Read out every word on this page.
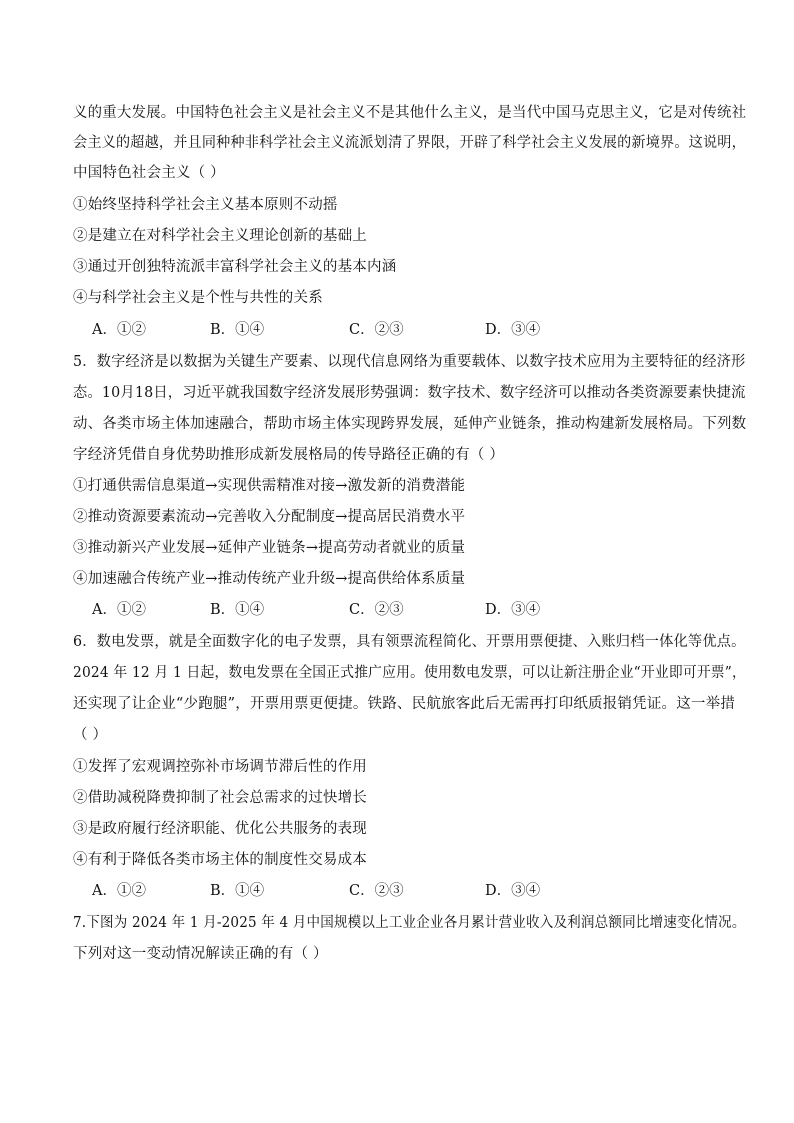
义的重大发展。中国特色社会主义是社会主义不是其他什么主义，是当代中国马克思主义，它是对传统社
会主义的超越，并且同种种非科学社会主义流派划清了界限，开辟了科学社会主义发展的新境界。这说明，
中国特色社会主义（ ）
①始终坚持科学社会主义基本原则不动摇
②是建立在对科学社会主义理论创新的基础上
③通过开创独特流派丰富科学社会主义的基本内涵
④与科学社会主义是个性与共性的关系
A．①②	B．①④	C．②③	D．③④
5．数字经济是以数据为关键生产要素、以现代信息网络为重要载体、以数字技术应用为主要特征的经济形
态。10月18日，习近平就我国数字经济发展形势强调：数字技术、数字经济可以推动各类资源要素快捷流
动、各类市场主体加速融合，帮助市场主体实现跨界发展，延伸产业链条，推动构建新发展格局。下列数
字经济凭借自身优势助推形成新发展格局的传导路径正确的有（ ）
①打通供需信息渠道→实现供需精准对接→激发新的消费潜能
②推动资源要素流动→完善收入分配制度→提高居民消费水平
③推动新兴产业发展→延伸产业链条→提高劳动者就业的质量
④加速融合传统产业→推动传统产业升级→提高供给体系质量
A．①②	B．①④	C．②③	D．③④
6．数电发票，就是全面数字化的电子发票，具有领票流程简化、开票用票便捷、入账归档一体化等优点。
2024 年 12 月 1 日起，数电发票在全国正式推广应用。使用数电发票，可以让新注册企业“开业即可开票”，
还实现了让企业“少跑腿”，开票用票更便捷。铁路、民航旅客此后无需再打印纸质报销凭证。这一举措
（ ）
①发挥了宏观调控弥补市场调节滞后性的作用
②借助减税降费抑制了社会总需求的过快增长
③是政府履行经济职能、优化公共服务的表现
④有利于降低各类市场主体的制度性交易成本
A．①②	B．①④	C．②③	D．③④
7.下图为 2024 年 1 月-2025 年 4 月中国规模以上工业企业各月累计营业收入及利润总额同比增速变化情况。
下列对这一变动情况解读正确的有（ ）
